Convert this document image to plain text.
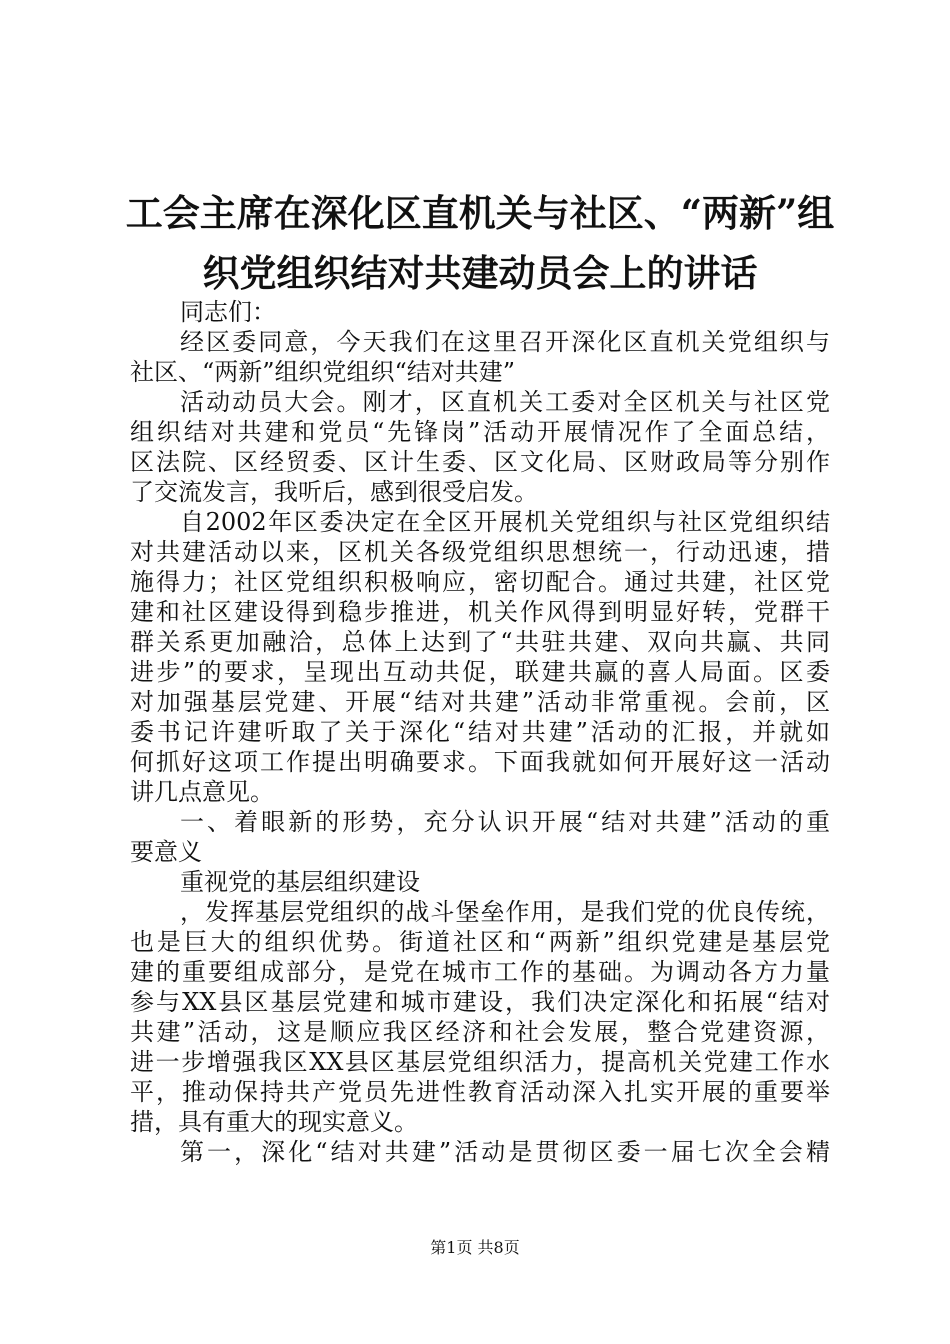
工会主席在深化区直机关与社区、“两新”组
织党组织结对共建动员会上的讲话
同志们：
经区委同意，今天我们在这里召开深化区直机关党组织与
社区、“两新”组织党组织“结对共建”
活动动员大会。刚才，区直机关工委对全区机关与社区党
组织结对共建和党员“先锋岗”活动开展情况作了全面总结，
区法院、区经贸委、区计生委、区文化局、区财政局等分别作
了交流发言，我听后，感到很受启发。
自2002年区委决定在全区开展机关党组织与社区党组织结
对共建活动以来，区机关各级党组织思想统一，行动迅速，措
施得力；社区党组织积极响应，密切配合。通过共建，社区党
建和社区建设得到稳步推进，机关作风得到明显好转，党群干
群关系更加融洽，总体上达到了“共驻共建、双向共赢、共同
进步”的要求，呈现出互动共促，联建共赢的喜人局面。区委
对加强基层党建、开展“结对共建”活动非常重视。会前，区
委书记许建听取了关于深化“结对共建”活动的汇报，并就如
何抓好这项工作提出明确要求。下面我就如何开展好这一活动
讲几点意见。
一、着眼新的形势，充分认识开展“结对共建”活动的重
要意义
重视党的基层组织建设
，发挥基层党组织的战斗堡垒作用，是我们党的优良传统，
也是巨大的组织优势。街道社区和“两新”组织党建是基层党
建的重要组成部分，是党在城市工作的基础。为调动各方力量
参与XX县区基层党建和城市建设，我们决定深化和拓展“结对
共建”活动，这是顺应我区经济和社会发展，整合党建资源，
进一步增强我区XX县区基层党组织活力，提高机关党建工作水
平，推动保持共产党员先进性教育活动深入扎实开展的重要举
措，具有重大的现实意义。
第一，深化“结对共建”活动是贯彻区委一届七次全会精
第1页 共8页
